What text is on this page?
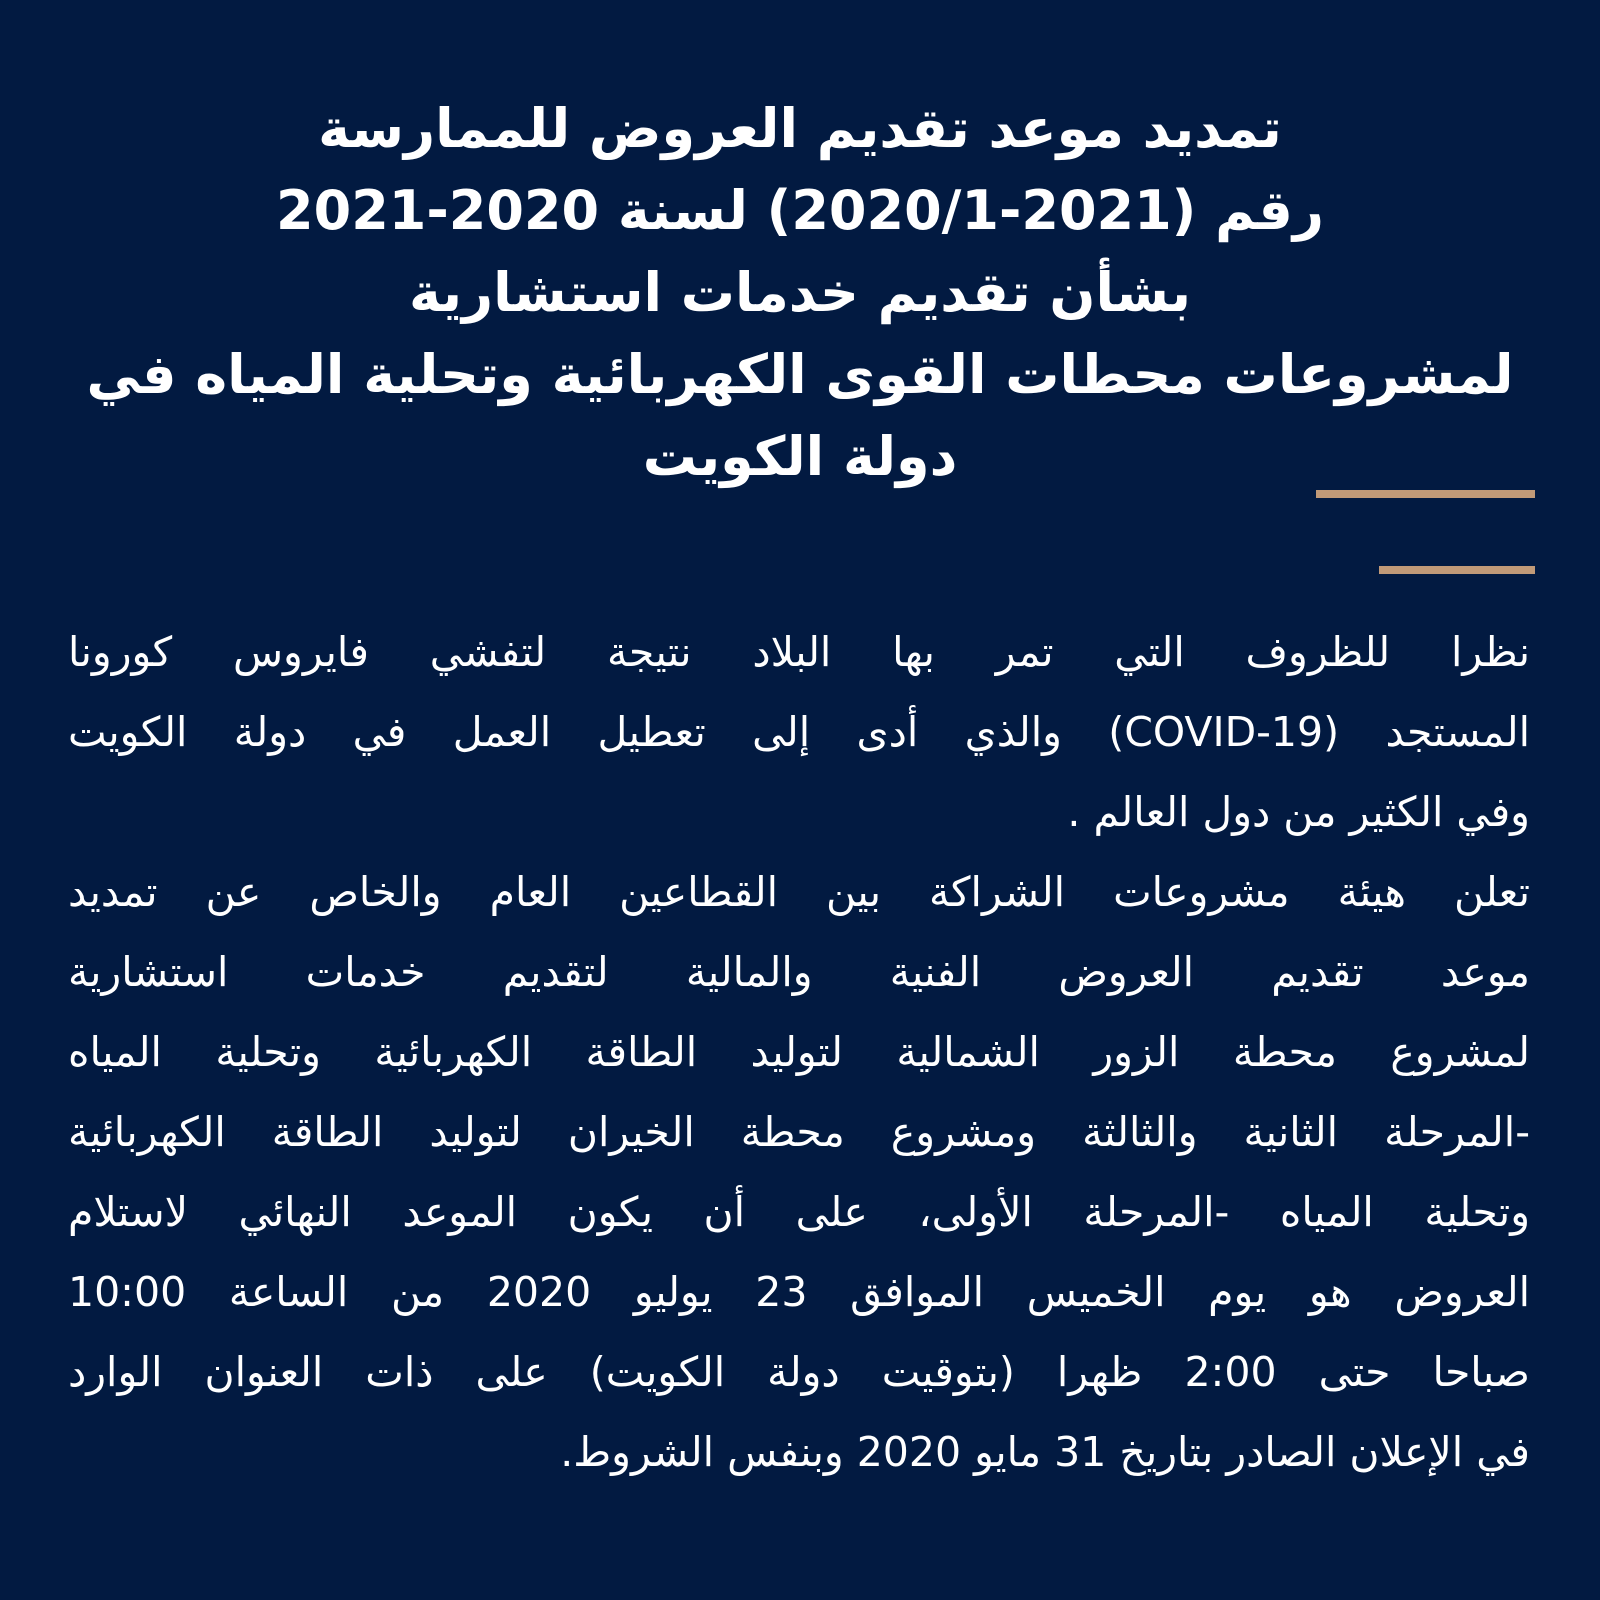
تمديد موعد تقديم العروض للممارسة
رقم (2021-2020/1) لسنة 2020-2021
بشأن تقديم خدمات استشارية
لمشروعات محطات القوى الكهربائية وتحلية المياه في
دولة الكويت
نظرا للظروف التي تمر بها البلاد نتيجة لتفشي فايروس كورونا
المستجد (COVID-19) والذي أدى إلى تعطيل العمل في دولة الكويت
وفي الكثير من دول العالم .
تعلن هيئة مشروعات الشراكة بين القطاعين العام والخاص عن تمديد
موعد تقديم العروض الفنية والمالية لتقديم خدمات استشارية
لمشروع محطة الزور الشمالية لتوليد الطاقة الكهربائية وتحلية المياه
-المرحلة الثانية والثالثة ومشروع محطة الخيران لتوليد الطاقة الكهربائية
وتحلية المياه -المرحلة الأولى، على أن يكون الموعد النهائي لاستلام
العروض هو يوم الخميس الموافق 23 يوليو 2020 من الساعة 10:00
صباحا حتى 2:00 ظهرا (بتوقيت دولة الكويت) على ذات العنوان الوارد
في الإعلان الصادر بتاريخ 31 مايو 2020 وبنفس الشروط.
